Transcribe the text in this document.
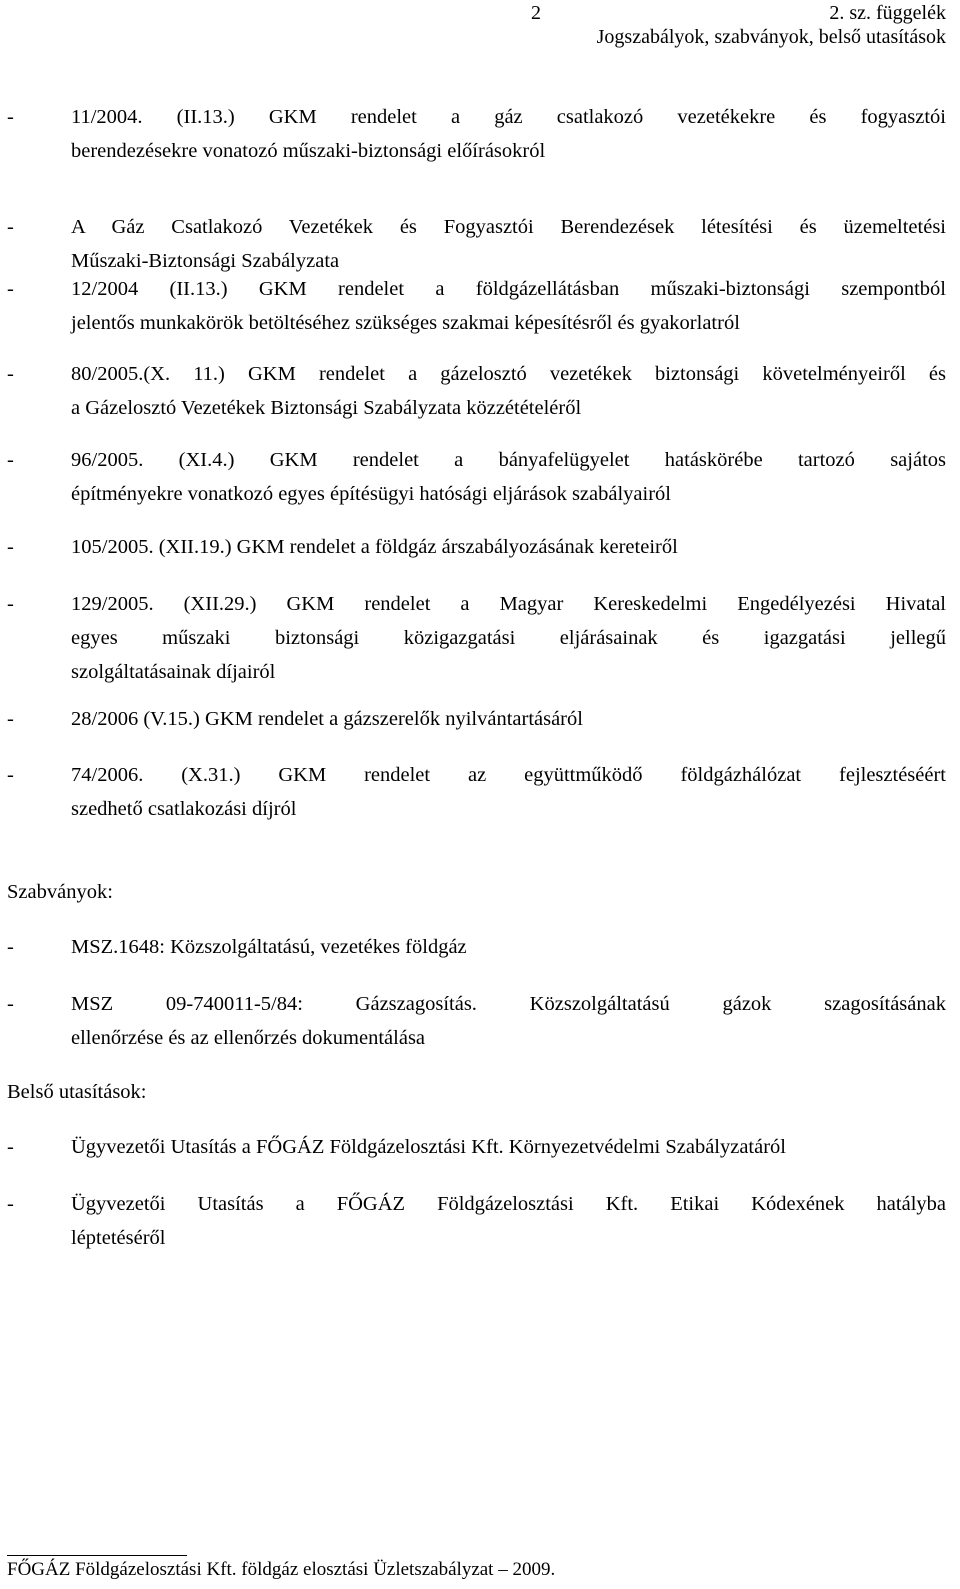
2	2. sz. függelék
Jogszabályok, szabványok, belső utasítások
-	11/2004. (II.13.) GKM rendelet a gáz csatlakozó vezetékekre és fogyasztói
berendezésekre vonatozó műszaki-biztonsági előírásokról
-	A Gáz Csatlakozó Vezetékek és Fogyasztói Berendezések létesítési és üzemeltetési
Műszaki-Biztonsági Szabályzata
-	12/2004 (II.13.) GKM rendelet a földgázellátásban műszaki-biztonsági szempontból
jelentős munkakörök betöltéséhez szükséges szakmai képesítésről és gyakorlatról
-	80/2005.(X. 11.) GKM rendelet a gázelosztó vezetékek biztonsági követelményeiről és
a Gázelosztó Vezetékek Biztonsági Szabályzata közzétételéről
-	96/2005. (XI.4.) GKM rendelet a bányafelügyelet hatáskörébe tartozó sajátos
építményekre vonatkozó egyes építésügyi hatósági eljárások szabályairól
-	105/2005. (XII.19.) GKM rendelet a földgáz árszabályozásának kereteiről
-	129/2005. (XII.29.) GKM rendelet a Magyar Kereskedelmi Engedélyezési Hivatal
egyes műszaki biztonsági közigazgatási eljárásainak és igazgatási jellegű
szolgáltatásainak díjairól
-	28/2006 (V.15.) GKM rendelet a gázszerelők nyilvántartásáról
-	74/2006. (X.31.) GKM rendelet az együttműködő földgázhálózat fejlesztéséért
szedhető csatlakozási díjról
Szabványok:
-	MSZ.1648: Közszolgáltatású, vezetékes földgáz
-	MSZ 09-740011-5/84: Gázszagosítás. Közszolgáltatású gázok szagosításának
ellenőrzése és az ellenőrzés dokumentálása
Belső utasítások:
-	Ügyvezetői Utasítás a FŐGÁZ Földgázelosztási Kft. Környezetvédelmi Szabályzatáról
-	Ügyvezetői Utasítás a FŐGÁZ Földgázelosztási Kft. Etikai Kódexének hatályba
léptetéséről
FŐGÁZ Földgázelosztási Kft. földgáz elosztási Üzletszabályzat – 2009.
